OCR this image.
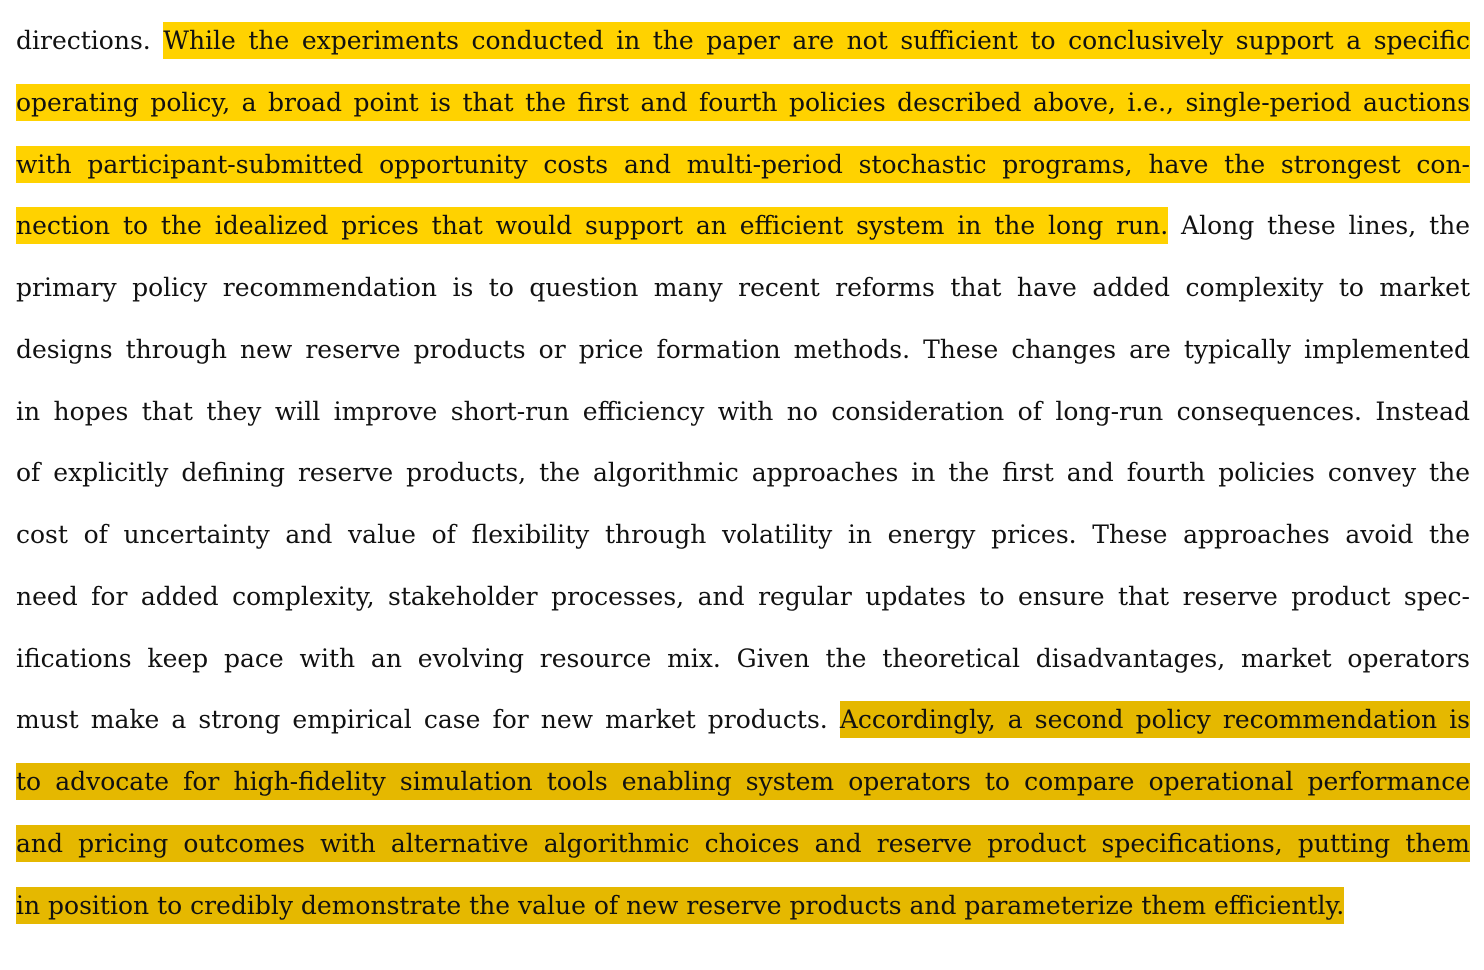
directions. While the experiments conducted in the paper are not sufficient to conclusively support a specific
operating policy, a broad point is that the first and fourth policies described above, i.e., single-period auctions
with participant-submitted opportunity costs and multi-period stochastic programs, have the strongest con-
nection to the idealized prices that would support an efficient system in the long run. Along these lines, the
primary policy recommendation is to question many recent reforms that have added complexity to market
designs through new reserve products or price formation methods. These changes are typically implemented
in hopes that they will improve short-run efficiency with no consideration of long-run consequences. Instead
of explicitly defining reserve products, the algorithmic approaches in the first and fourth policies convey the
cost of uncertainty and value of flexibility through volatility in energy prices. These approaches avoid the
need for added complexity, stakeholder processes, and regular updates to ensure that reserve product spec-
ifications keep pace with an evolving resource mix. Given the theoretical disadvantages, market operators
must make a strong empirical case for new market products. Accordingly, a second policy recommendation is
to advocate for high-fidelity simulation tools enabling system operators to compare operational performance
and pricing outcomes with alternative algorithmic choices and reserve product specifications, putting them
in position to credibly demonstrate the value of new reserve products and parameterize them efficiently.
